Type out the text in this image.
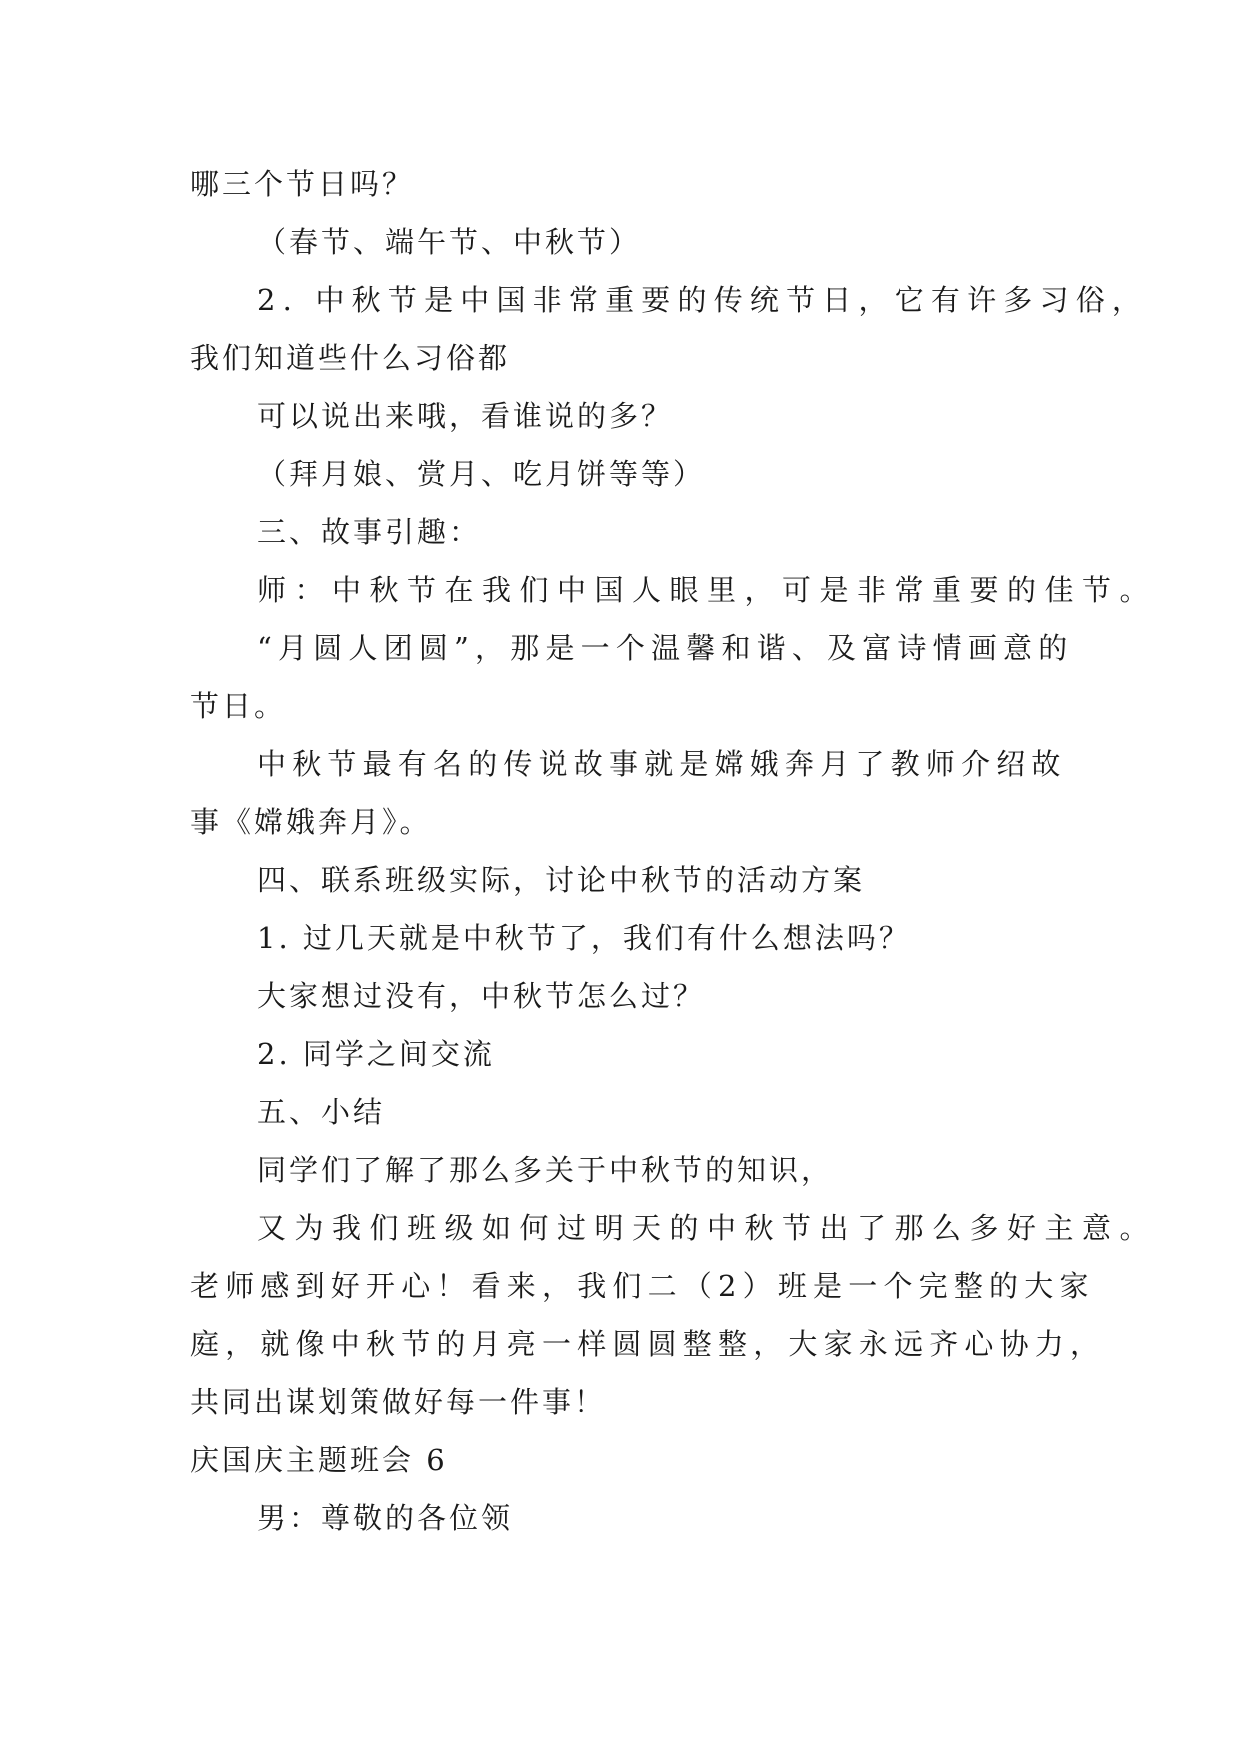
哪三个节日吗？
（春节、端午节、中秋节）
2. 中秋节是中国非常重要的传统节日，它有许多习俗，
我们知道些什么习俗都
可以说出来哦，看谁说的多？
（拜月娘、赏月、吃月饼等等）
三、故事引趣：
师：中秋节在我们中国人眼里，可是非常重要的佳节。
“月圆人团圆”，那是一个温馨和谐、及富诗情画意的
节日。
中秋节最有名的传说故事就是嫦娥奔月了教师介绍故
事《嫦娥奔月》。
四、联系班级实际，讨论中秋节的活动方案
1. 过几天就是中秋节了，我们有什么想法吗？
大家想过没有，中秋节怎么过？
2. 同学之间交流
五、小结
同学们了解了那么多关于中秋节的知识，
又为我们班级如何过明天的中秋节出了那么多好主意。
老师感到好开心！看来，我们二（2）班是一个完整的大家
庭，就像中秋节的月亮一样圆圆整整，大家永远齐心协力，
共同出谋划策做好每一件事！
庆国庆主题班会 6
男：尊敬的各位领
